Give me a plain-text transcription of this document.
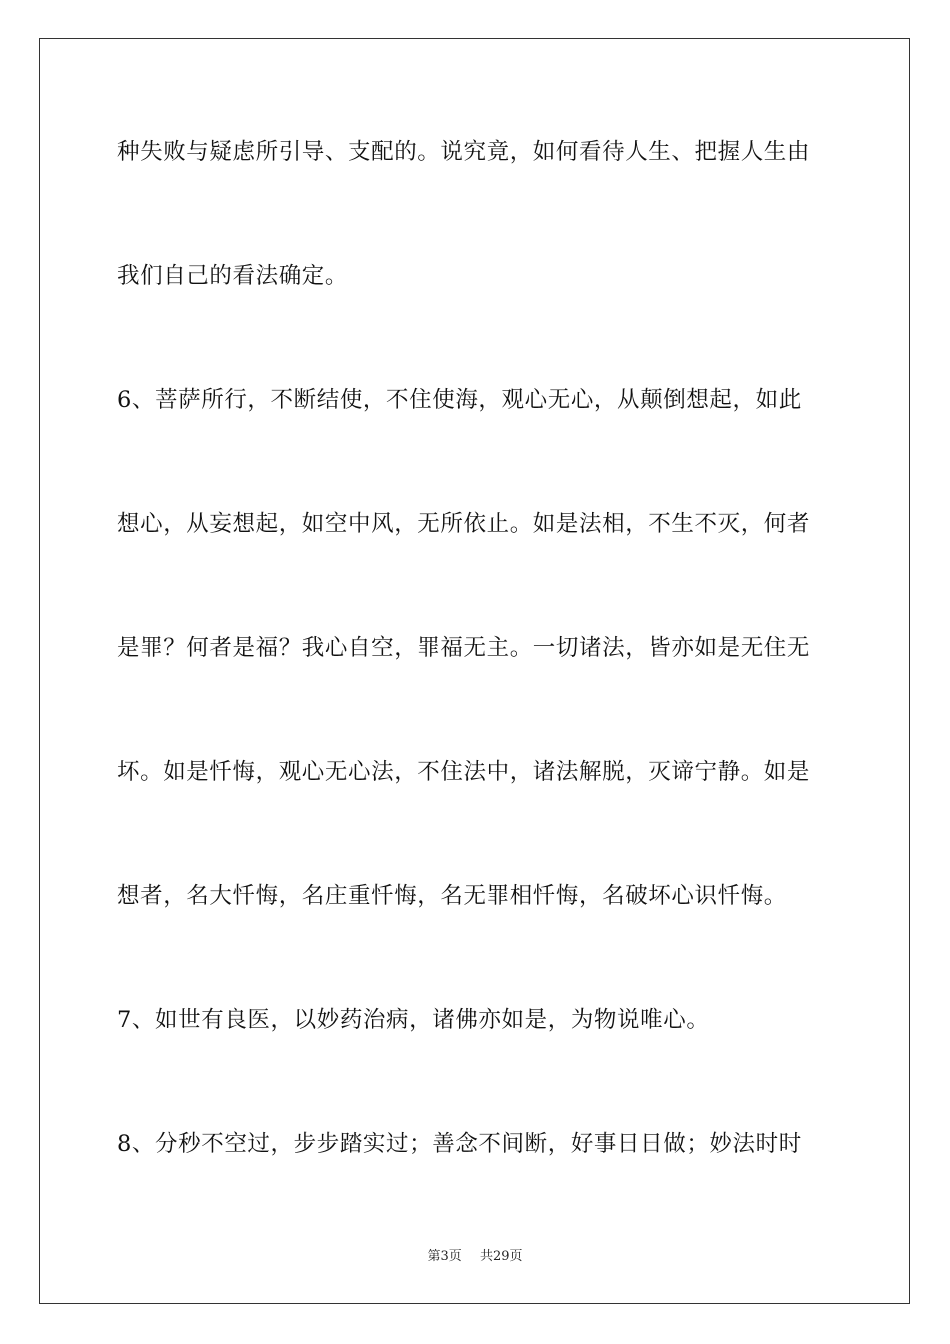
种失败与疑虑所引导、支配的。说究竟，如何看待人生、把握人生由
我们自己的看法确定。
6、菩萨所行，不断结使，不住使海，观心无心，从颠倒想起，如此
想心，从妄想起，如空中风，无所依止。如是法相，不生不灭，何者
是罪？何者是福？我心自空，罪福无主。一切诸法，皆亦如是无住无
坏。如是忏悔，观心无心法，不住法中，诸法解脱，灭谛宁静。如是
想者，名大忏悔，名庄重忏悔，名无罪相忏悔，名破坏心识忏悔。
7、如世有良医，以妙药治病，诸佛亦如是，为物说唯心。
8、分秒不空过，步步踏实过；善念不间断，好事日日做；妙法时时
第3页 共29页
